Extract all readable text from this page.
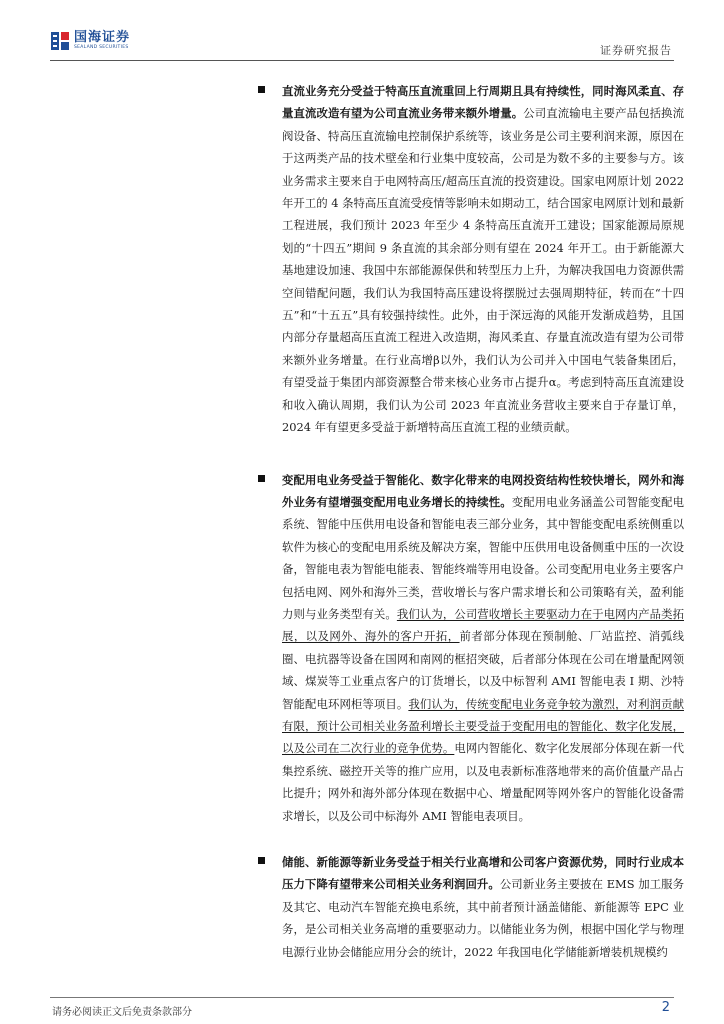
国海证券
SEALAND SECURITIES	证券研究报告

直流业务充分受益于特高压直流重回上行周期且具有持续性，同时海风柔直、存量直流改造有望为公司直流业务带来额外增量。公司直流输电主要产品包括换流阀设备、特高压直流输电控制保护系统等，该业务是公司主要利润来源，原因在于这两类产品的技术壁垒和行业集中度较高，公司是为数不多的主要参与方。该业务需求主要来自于电网特高压/超高压直流的投资建设。国家电网原计划 2022 年开工的 4 条特高压直流受疫情等影响未如期动工，结合国家电网原计划和最新工程进展，我们预计 2023 年至少 4 条特高压直流开工建设；国家能源局原规划的“十四五”期间 9 条直流的其余部分则有望在 2024 年开工。由于新能源大基地建设加速、我国中东部能源保供和转型压力上升，为解决我国电力资源供需空间错配问题，我们认为我国特高压建设将摆脱过去强周期特征，转而在“十四五”和“十五五”具有较强持续性。此外，由于深远海的风能开发渐成趋势，且国内部分存量超高压直流工程进入改造期，海风柔直、存量直流改造有望为公司带来额外业务增量。在行业高增β以外，我们认为公司并入中国电气装备集团后，有望受益于集团内部资源整合带来核心业务市占提升α。考虑到特高压直流建设和收入确认周期，我们认为公司 2023 年直流业务营收主要来自于存量订单，2024 年有望更多受益于新增特高压直流工程的业绩贡献。

变配用电业务受益于智能化、数字化带来的电网投资结构性较快增长，网外和海外业务有望增强变配用电业务增长的持续性。变配用电业务涵盖公司智能变配电系统、智能中压供用电设备和智能电表三部分业务，其中智能变配电系统侧重以软件为核心的变配电用系统及解决方案，智能中压供用电设备侧重中压的一次设备，智能电表为智能电能表、智能终端等用电设备。公司变配用电业务主要客户包括电网、网外和海外三类，营收增长与客户需求增长和公司策略有关，盈利能力则与业务类型有关。我们认为，公司营收增长主要驱动力在于电网内产品类拓展，以及网外、海外的客户开拓，前者部分体现在预制舱、厂站监控、消弧线圈、电抗器等设备在国网和南网的框招突破，后者部分体现在公司在增量配网领域、煤炭等工业重点客户的订货增长，以及中标智利 AMI 智能电表 I 期、沙特智能配电环网柜等项目。我们认为，传统变配电业务竞争较为激烈，对利润贡献有限，预计公司相关业务盈利增长主要受益于变配用电的智能化、数字化发展，以及公司在二次行业的竞争优势。电网内智能化、数字化发展部分体现在新一代集控系统、磁控开关等的推广应用，以及电表新标准落地带来的高价值量产品占比提升；网外和海外部分体现在数据中心、增量配网等网外客户的智能化设备需求增长，以及公司中标海外 AMI 智能电表项目。

储能、新能源等新业务受益于相关行业高增和公司客户资源优势，同时行业成本压力下降有望带来公司相关业务利润回升。公司新业务主要披在 EMS 加工服务及其它、电动汽车智能充换电系统，其中前者预计涵盖储能、新能源等 EPC 业务，是公司相关业务高增的重要驱动力。以储能业务为例，根据中国化学与物理电源行业协会储能应用分会的统计，2022 年我国电化学储能新增装机规模约

请务必阅读正文后免责条款部分	2
